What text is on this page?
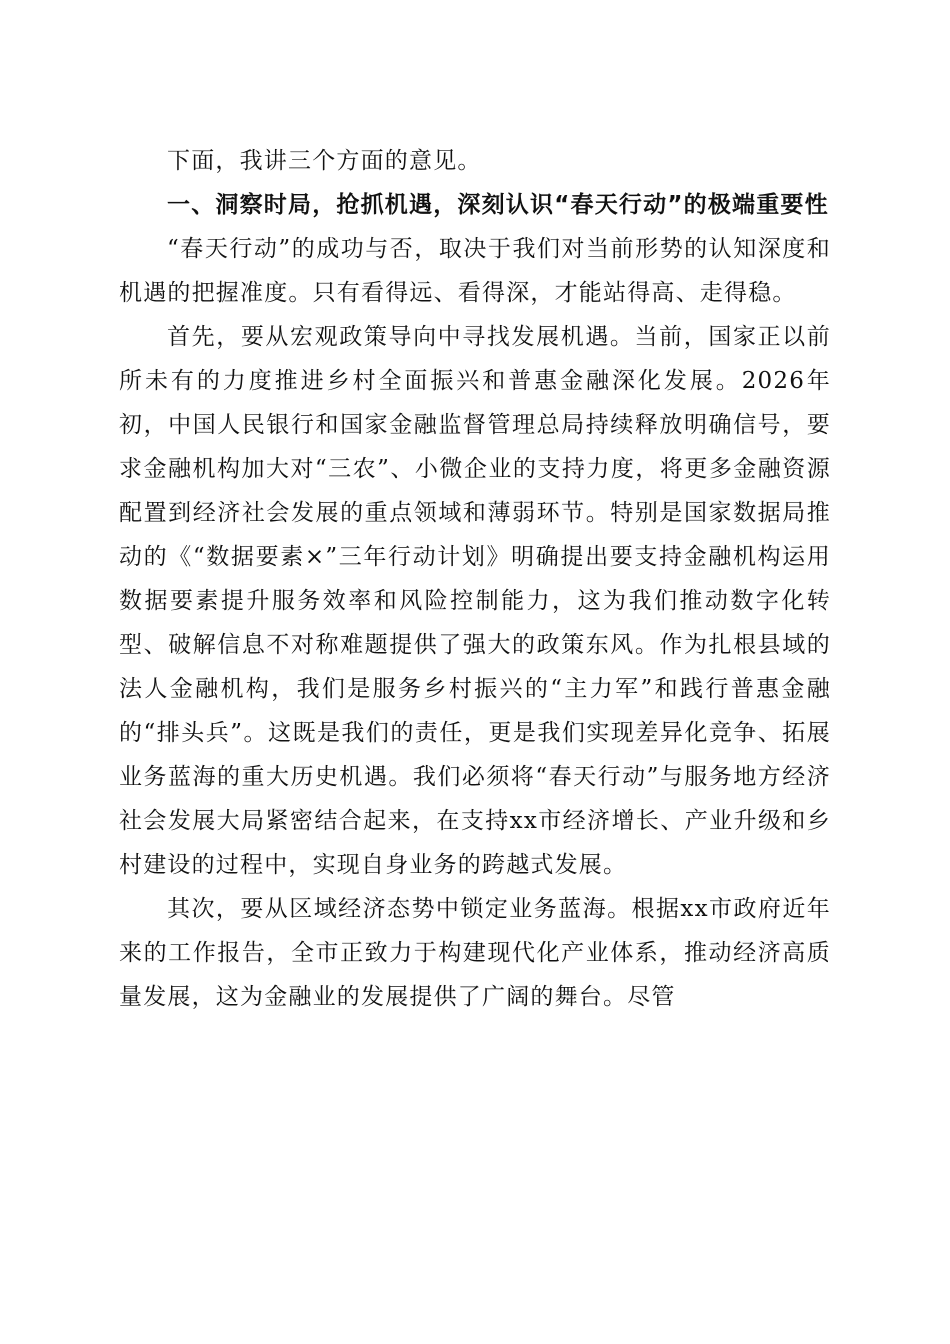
下面，我讲三个方面的意见。

一、洞察时局，抢抓机遇，深刻认识“春天行动”的极端重要性

“春天行动”的成功与否，取决于我们对当前形势的认知深度和机遇的把握准度。只有看得远、看得深，才能站得高、走得稳。

首先，要从宏观政策导向中寻找发展机遇。当前，国家正以前所未有的力度推进乡村全面振兴和普惠金融深化发展。2026年初，中国人民银行和国家金融监督管理总局持续释放明确信号，要求金融机构加大对“三农”、小微企业的支持力度，将更多金融资源配置到经济社会发展的重点领域和薄弱环节。特别是国家数据局推动的《“数据要素×”三年行动计划》明确提出要支持金融机构运用数据要素提升服务效率和风险控制能力，这为我们推动数字化转型、破解信息不对称难题提供了强大的政策东风。作为扎根县域的法人金融机构，我们是服务乡村振兴的“主力军”和践行普惠金融的“排头兵”。这既是我们的责任，更是我们实现差异化竞争、拓展业务蓝海的重大历史机遇。我们必须将“春天行动”与服务地方经济社会发展大局紧密结合起来，在支持xx市经济增长、产业升级和乡村建设的过程中，实现自身业务的跨越式发展。

其次，要从区域经济态势中锁定业务蓝海。根据xx市政府近年来的工作报告，全市正致力于构建现代化产业体系，推动经济高质量发展，这为金融业的发展提供了广阔的舞台。尽管
